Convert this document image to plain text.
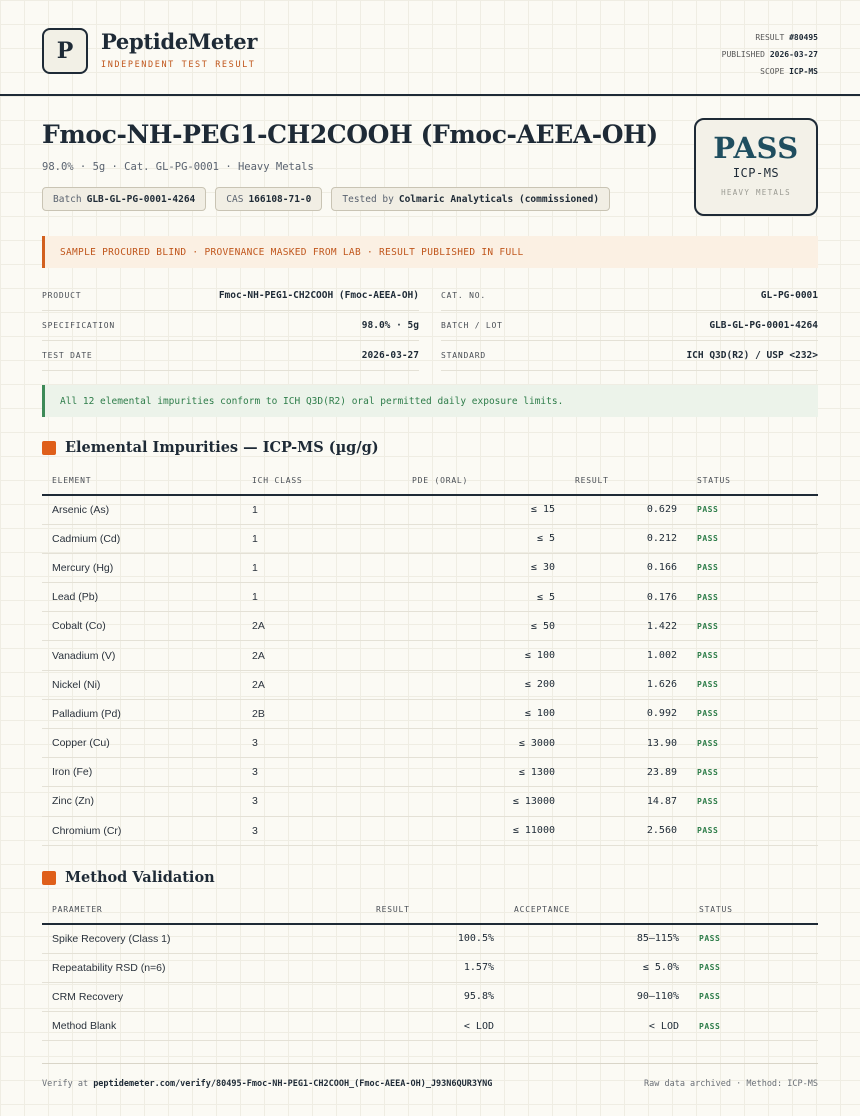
P	PeptideMeter
INDEPENDENT TEST RESULT
RESULT #80495
PUBLISHED 2026-03-27
SCOPE ICP-MS
Fmoc-NH-PEG1-CH2COOH (Fmoc-AEEA-OH)
98.0% · 5g · Cat. GL-PG-0001 · Heavy Metals
Batch GLB-GL-PG-0001-4264	CAS 166108-71-0	Tested by Colmaric Analyticals (commissioned)
PASS
ICP-MS
HEAVY METALS
SAMPLE PROCURED BLIND · PROVENANCE MASKED FROM LAB · RESULT PUBLISHED IN FULL
PRODUCT	Fmoc-NH-PEG1-CH2COOH (Fmoc-AEEA-OH)
SPECIFICATION	98.0% · 5g
TEST DATE	2026-03-27
CAT. NO.	GL-PG-0001
BATCH / LOT	GLB-GL-PG-0001-4264
STANDARD	ICH Q3D(R2) / USP <232>
All 12 elemental impurities conform to ICH Q3D(R2) oral permitted daily exposure limits.
Elemental Impurities — ICP-MS (µg/g)
ELEMENT	ICH CLASS	PDE (ORAL)	RESULT	STATUS
Arsenic (As)	1	≤ 15	0.629	PASS
Cadmium (Cd)	1	≤ 5	0.212	PASS
Mercury (Hg)	1	≤ 30	0.166	PASS
Lead (Pb)	1	≤ 5	0.176	PASS
Cobalt (Co)	2A	≤ 50	1.422	PASS
Vanadium (V)	2A	≤ 100	1.002	PASS
Nickel (Ni)	2A	≤ 200	1.626	PASS
Palladium (Pd)	2B	≤ 100	0.992	PASS
Copper (Cu)	3	≤ 3000	13.90	PASS
Iron (Fe)	3	≤ 1300	23.89	PASS
Zinc (Zn)	3	≤ 13000	14.87	PASS
Chromium (Cr)	3	≤ 11000	2.560	PASS
Method Validation
PARAMETER	RESULT	ACCEPTANCE	STATUS
Spike Recovery (Class 1)	100.5%	85–115%	PASS
Repeatability RSD (n=6)	1.57%	≤ 5.0%	PASS
CRM Recovery	95.8%	90–110%	PASS
Method Blank	< LOD	< LOD	PASS
Verify at peptidemeter.com/verify/80495-Fmoc-NH-PEG1-CH2COOH_(Fmoc-AEEA-OH)_J93N6QUR3YNG	Raw data archived · Method: ICP-MS
